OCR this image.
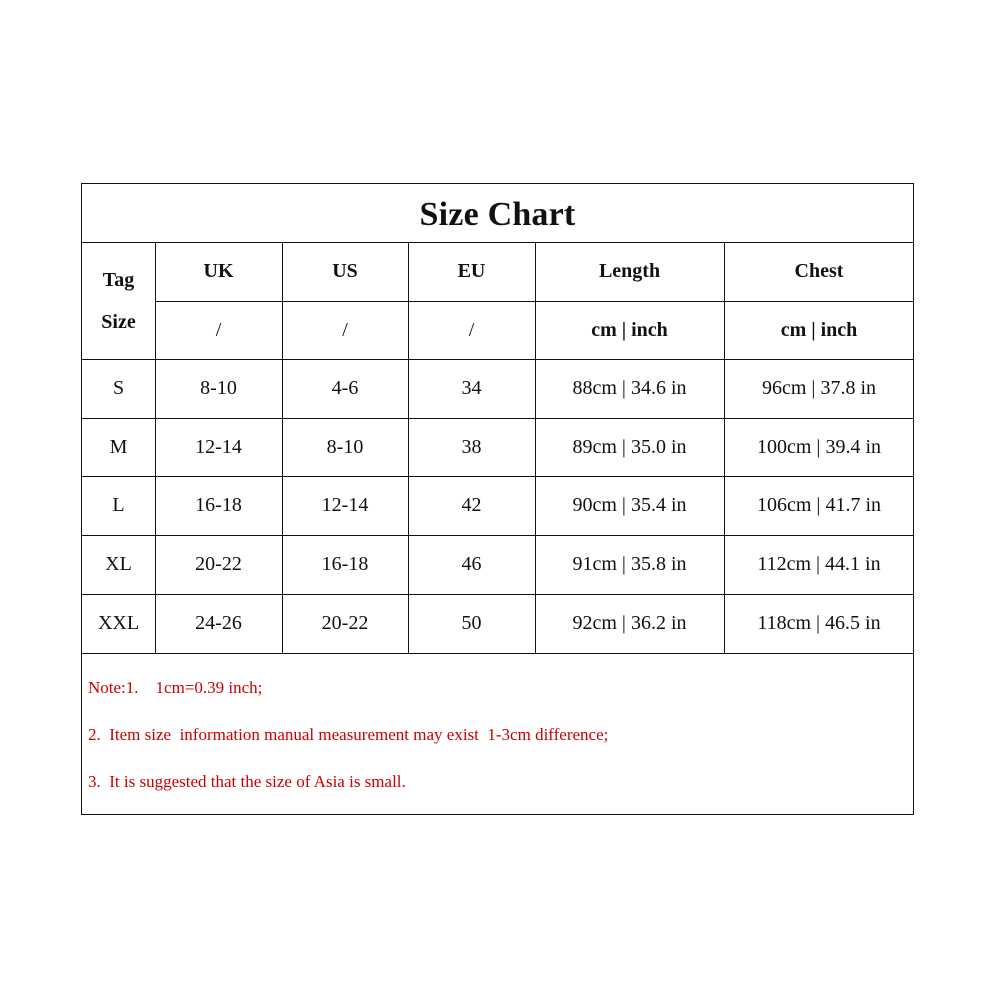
Size Chart
Tag
Size
UK	US	EU	Length	Chest
/	/	/	cm | inch	cm | inch
S	8-10	4-6	34	88cm | 34.6 in	96cm | 37.8 in
M	12-14	8-10	38	89cm | 35.0 in	100cm | 39.4 in
L	16-18	12-14	42	90cm | 35.4 in	106cm | 41.7 in
XL	20-22	16-18	46	91cm | 35.8 in	112cm | 44.1 in
XXL	24-26	20-22	50	92cm | 36.2 in	118cm | 46.5 in
Note:1.    1cm=0.39 inch;
2.  Item size  information manual measurement may exist  1-3cm difference;
3.  It is suggested that the size of Asia is small.
